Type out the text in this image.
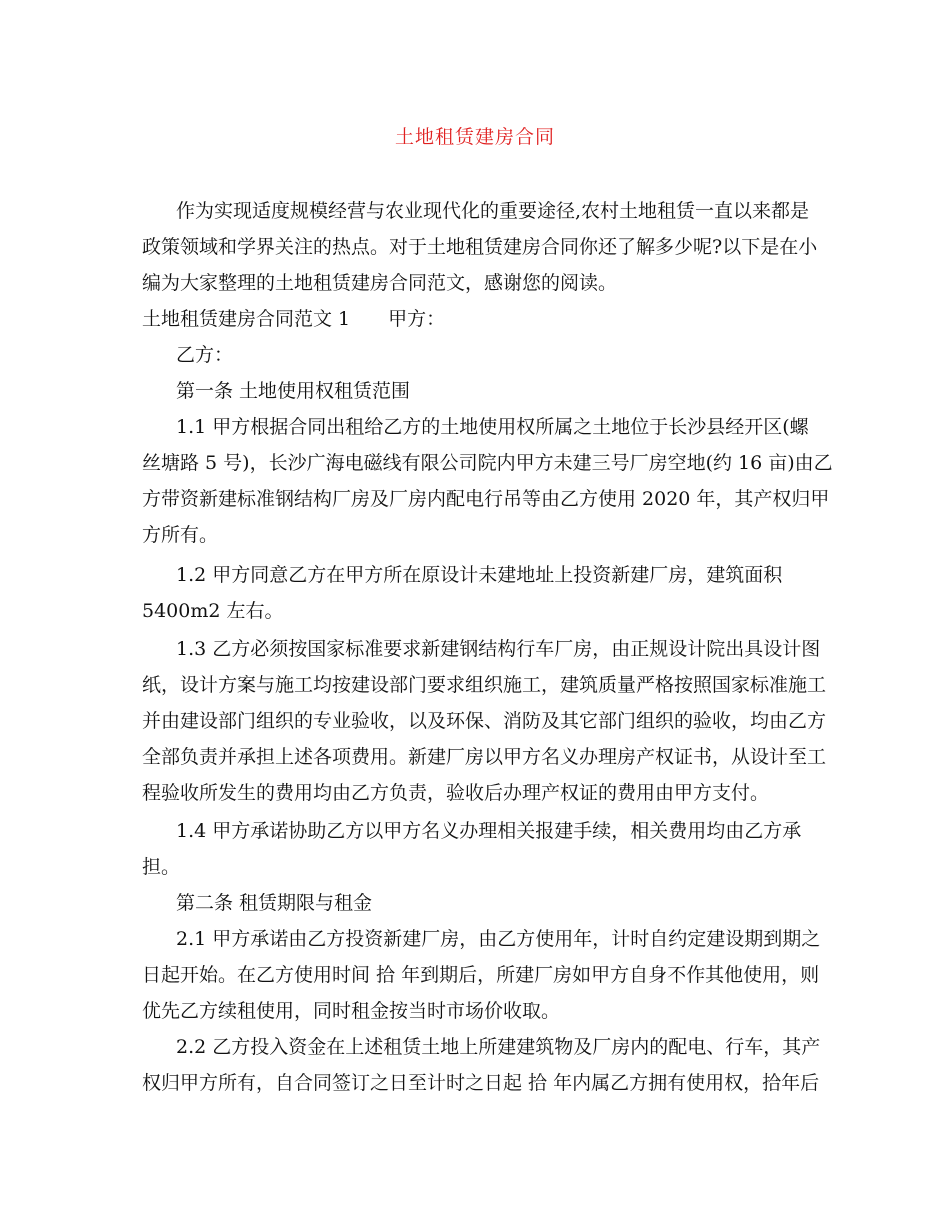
土地租赁建房合同
作为实现适度规模经营与农业现代化的重要途径,农村土地租赁一直以来都是
政策领域和学界关注的热点。对于土地租赁建房合同你还了解多少呢?以下是在小
编为大家整理的土地租赁建房合同范文，感谢您的阅读。
土地租赁建房合同范文 1　　甲方：
乙方：
第一条 土地使用权租赁范围
1.1 甲方根据合同出租给乙方的土地使用权所属之土地位于长沙县经开区(螺
丝塘路 5 号)，长沙广海电磁线有限公司院内甲方未建三号厂房空地(约 16 亩)由乙
方带资新建标准钢结构厂房及厂房内配电行吊等由乙方使用 2020 年，其产权归甲
方所有。
1.2 甲方同意乙方在甲方所在原设计未建地址上投资新建厂房，建筑面积
5400m2 左右。
1.3 乙方必须按国家标准要求新建钢结构行车厂房，由正规设计院出具设计图
纸，设计方案与施工均按建设部门要求组织施工，建筑质量严格按照国家标准施工
并由建设部门组织的专业验收，以及环保、消防及其它部门组织的验收，均由乙方
全部负责并承担上述各项费用。新建厂房以甲方名义办理房产权证书，从设计至工
程验收所发生的费用均由乙方负责，验收后办理产权证的费用由甲方支付。
1.4 甲方承诺协助乙方以甲方名义办理相关报建手续，相关费用均由乙方承
担。
第二条 租赁期限与租金
2.1 甲方承诺由乙方投资新建厂房，由乙方使用年，计时自约定建设期到期之
日起开始。在乙方使用时间 拾 年到期后，所建厂房如甲方自身不作其他使用，则
优先乙方续租使用，同时租金按当时市场价收取。
2.2 乙方投入资金在上述租赁土地上所建建筑物及厂房内的配电、行车，其产
权归甲方所有，自合同签订之日至计时之日起 拾 年内属乙方拥有使用权，拾年后
